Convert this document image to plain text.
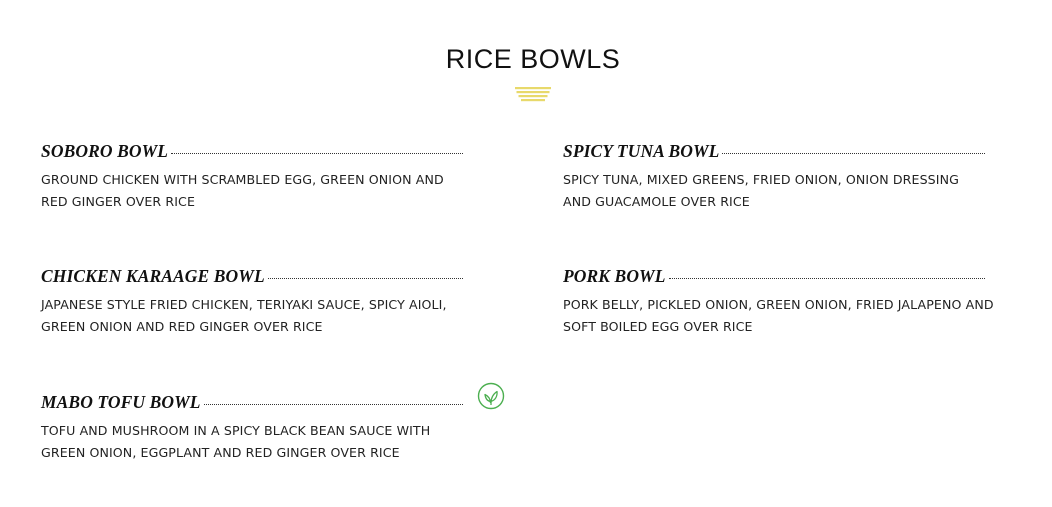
RICE BOWLS
SOBORO BOWL
GROUND CHICKEN WITH SCRAMBLED EGG, GREEN ONION AND RED GINGER OVER RICE
SPICY TUNA BOWL
SPICY TUNA, MIXED GREENS, FRIED ONION, ONION DRESSING AND GUACAMOLE OVER RICE
CHICKEN KARAAGE BOWL
JAPANESE STYLE FRIED CHICKEN, TERIYAKI SAUCE, SPICY AIOLI, GREEN ONION AND RED GINGER OVER RICE
PORK BOWL
PORK BELLY, PICKLED ONION, GREEN ONION, FRIED JALAPENO AND SOFT BOILED EGG OVER RICE
MABO TOFU BOWL
TOFU AND MUSHROOM IN A SPICY BLACK BEAN SAUCE WITH GREEN ONION, EGGPLANT AND RED GINGER OVER RICE
